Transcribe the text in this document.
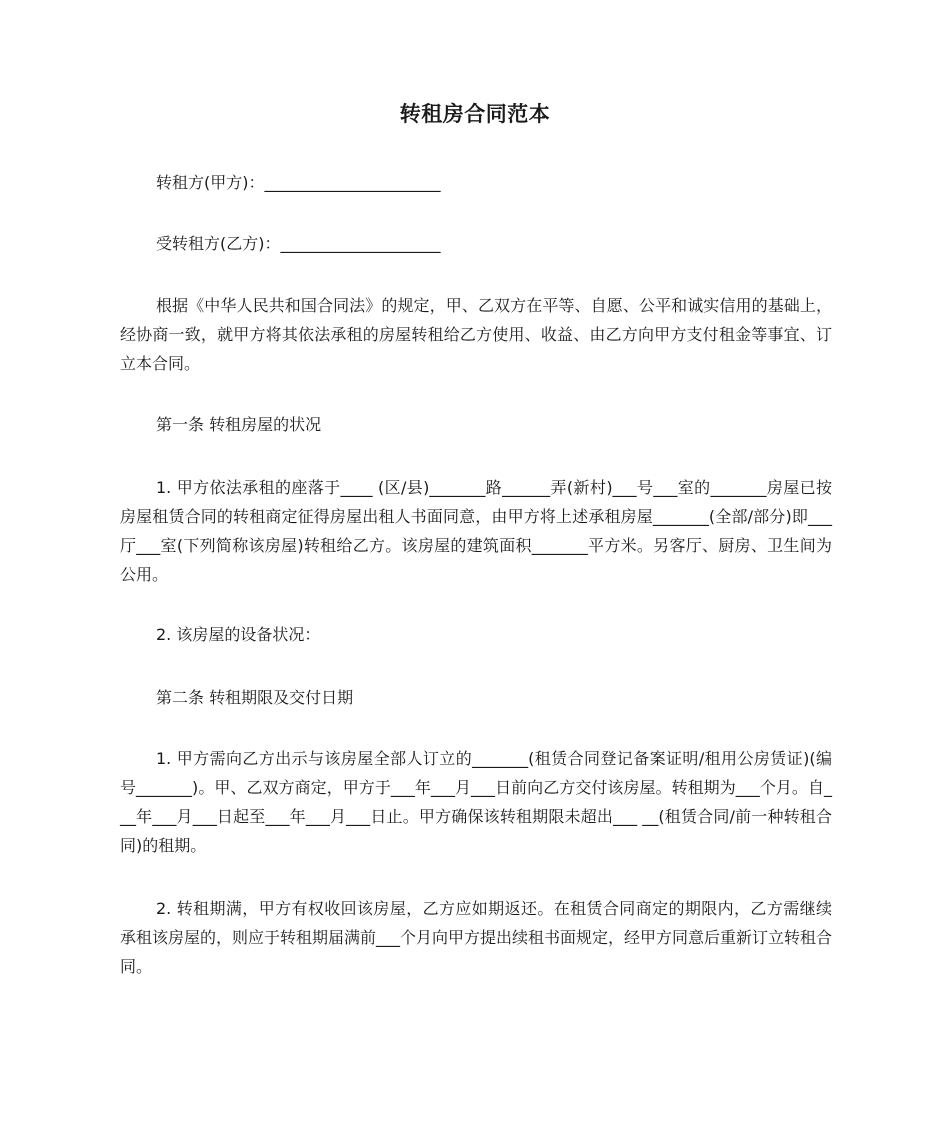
转租房合同范本

转租方(甲方)：______________________

受转租方(乙方)：____________________

根据《中华人民共和国合同法》的规定，甲、乙双方在平等、自愿、公平和诚实信用的基础上，经协商一致，就甲方将其依法承租的房屋转租给乙方使用、收益、由乙方向甲方支付租金等事宜、订立本合同。

第一条 转租房屋的状况

1. 甲方依法承租的座落于____ (区/县)_______路______弄(新村)___号___室的_______房屋已按房屋租赁合同的转租商定征得房屋出租人书面同意，由甲方将上述承租房屋_______(全部/部分)即___厅___室(下列简称该房屋)转租给乙方。该房屋的建筑面积_______平方米。另客厅、厨房、卫生间为公用。

2. 该房屋的设备状况：

第二条 转租期限及交付日期

1. 甲方需向乙方出示与该房屋全部人订立的_______(租赁合同登记备案证明/租用公房赁证)(编号_______)。甲、乙双方商定，甲方于___年___月___日前向乙方交付该房屋。转租期为___个月。自___年___月___日起至___年___月___日止。甲方确保该转租期限未超出___ __(租赁合同/前一种转租合同)的租期。

2. 转租期满，甲方有权收回该房屋，乙方应如期返还。在租赁合同商定的期限内，乙方需继续承租该房屋的，则应于转租期届满前___个月向甲方提出续租书面规定，经甲方同意后重新订立转租合同。
